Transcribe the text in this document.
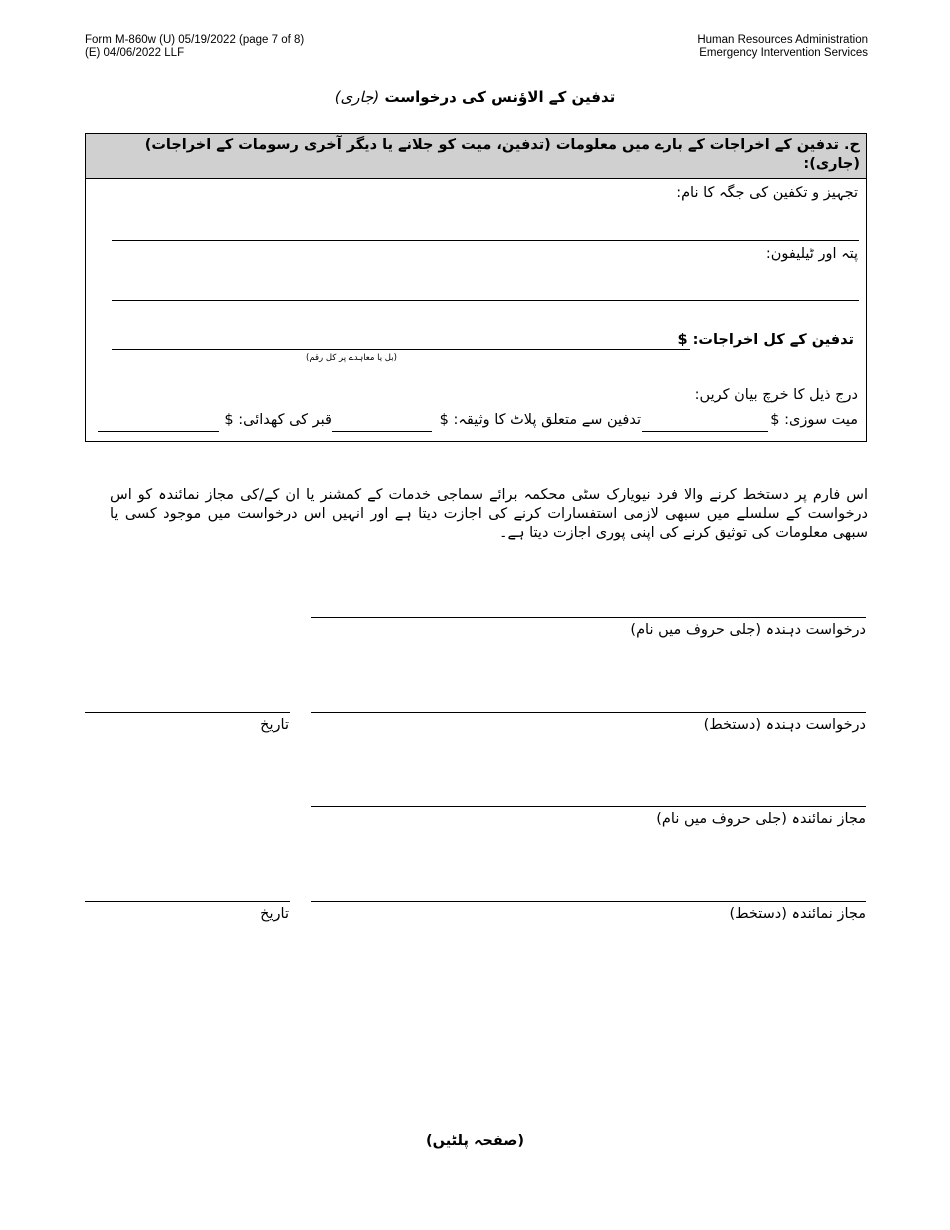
Form M-860w (U) 05/19/2022 (page 7 of 8)
(E) 04/06/2022 LLF
Human Resources Administration
Emergency Intervention Services
تدفین کے الاؤنس کی درخواست (جاری)
ح. تدفین کے اخراجات کے بارے میں معلومات (تدفین، میت کو جلانے یا دیگر آخری رسومات کے اخراجات) (جاری):
تجہیز و تکفین کی جگہ کا نام:
پتہ اور ٹیلیفون:
تدفین کے کل اخراجات: $
(بل یا معاہدے پر کل رقم)
درج ذیل کا خرچ بیان کریں:
میت سوزی: $
تدفین سے متعلق پلاٹ کا وثیقہ: $
قبر کی کھدائی: $
اس فارم پر دستخط کرنے والا فرد نیویارک سٹی محکمہ برائے سماجی خدمات کے کمشنر یا ان کے/کی مجاز نمائندہ کو اس درخواست کے سلسلے میں سبھی لازمی استفسارات کرنے کی اجازت دیتا ہے اور انہیں اس درخواست میں موجود کسی یا سبھی معلومات کی توثیق کرنے کی اپنی پوری اجازت دیتا ہے۔
درخواست دہندہ (جلی حروف میں نام)
تاریخ	درخواست دہندہ (دستخط)
مجاز نمائندہ (جلی حروف میں نام)
تاریخ	مجاز نمائندہ (دستخط)
(صفحہ پلٹیں)
